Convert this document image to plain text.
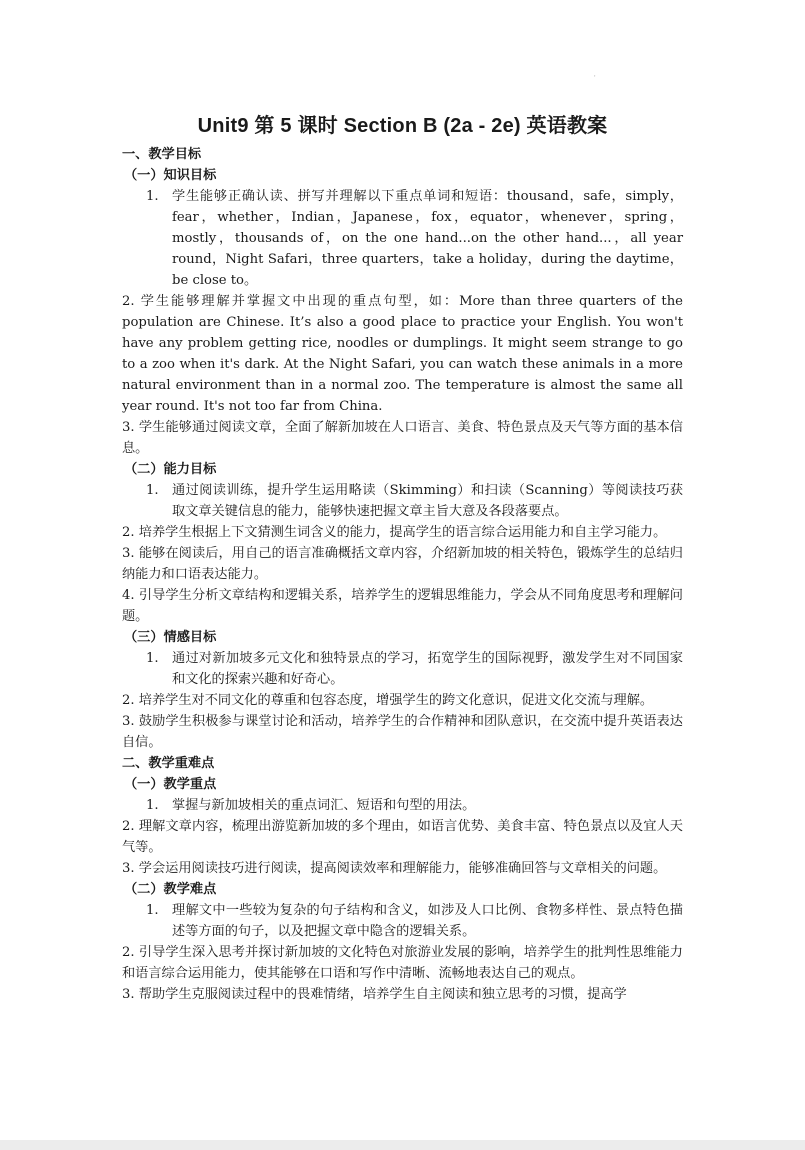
'
Unit9 第 5 课时 Section B (2a - 2e) 英语教案
一、教学目标
（一）知识目标
1.	学生能够正确认读、拼写并理解以下重点单词和短语：thousand，safe，simply，fear，whether，Indian，Japanese，fox，equator，whenever，spring，mostly，thousands of，on the one hand...on the other hand...，all year round，Night Safari，three quarters，take a holiday，during the daytime，be close to。
2. 学生能够理解并掌握文中出现的重点句型，如：More than three quarters of the population are Chinese. It’s also a good place to practice your English. You won't have any problem getting rice, noodles or dumplings. It might seem strange to go to a zoo when it's dark. At the Night Safari, you can watch these animals in a more natural environment than in a normal zoo. The temperature is almost the same all year round. It's not too far from China.
3. 学生能够通过阅读文章，全面了解新加坡在人口语言、美食、特色景点及天气等方面的基本信息。
（二）能力目标
1.	通过阅读训练，提升学生运用略读（Skimming）和扫读（Scanning）等阅读技巧获取文章关键信息的能力，能够快速把握文章主旨大意及各段落要点。
2. 培养学生根据上下文猜测生词含义的能力，提高学生的语言综合运用能力和自主学习能力。
3. 能够在阅读后，用自己的语言准确概括文章内容，介绍新加坡的相关特色，锻炼学生的总结归纳能力和口语表达能力。
4. 引导学生分析文章结构和逻辑关系，培养学生的逻辑思维能力，学会从不同角度思考和理解问题。
（三）情感目标
1.	通过对新加坡多元文化和独特景点的学习，拓宽学生的国际视野，激发学生对不同国家和文化的探索兴趣和好奇心。
2. 培养学生对不同文化的尊重和包容态度，增强学生的跨文化意识，促进文化交流与理解。
3. 鼓励学生积极参与课堂讨论和活动，培养学生的合作精神和团队意识，在交流中提升英语表达自信。
二、教学重难点
（一）教学重点
1.	掌握与新加坡相关的重点词汇、短语和句型的用法。
2. 理解文章内容，梳理出游览新加坡的多个理由，如语言优势、美食丰富、特色景点以及宜人天气等。
3. 学会运用阅读技巧进行阅读，提高阅读效率和理解能力，能够准确回答与文章相关的问题。
（二）教学难点
1.	理解文中一些较为复杂的句子结构和含义，如涉及人口比例、食物多样性、景点特色描述等方面的句子，以及把握文章中隐含的逻辑关系。
2. 引导学生深入思考并探讨新加坡的文化特色对旅游业发展的影响，培养学生的批判性思维能力和语言综合运用能力，使其能够在口语和写作中清晰、流畅地表达自己的观点。
3. 帮助学生克服阅读过程中的畏难情绪，培养学生自主阅读和独立思考的习惯，提高学
